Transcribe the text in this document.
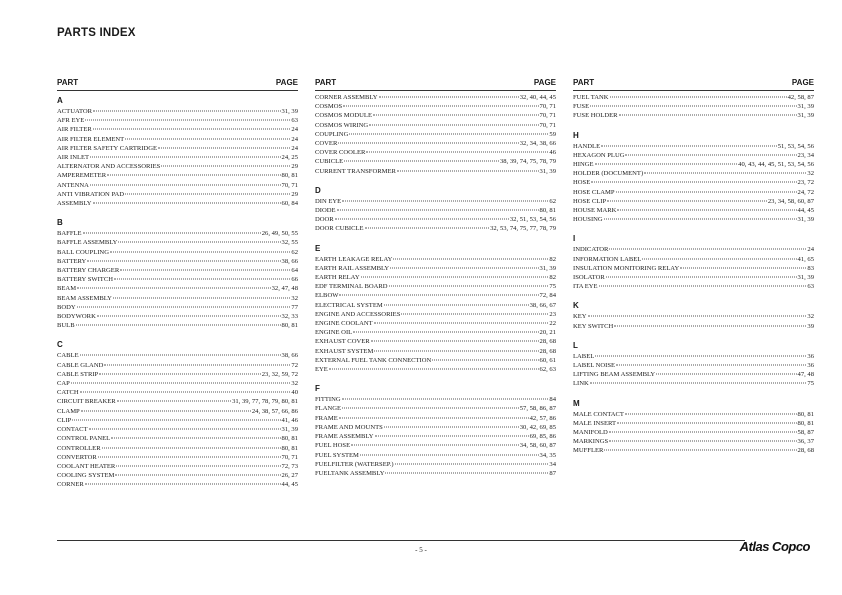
PARTS INDEX
PART	PAGE
A
ACTUATOR	31, 39
AFR EYE	63
AIR FILTER	24
AIR FILTER ELEMENT	24
AIR FILTER SAFETY CARTRIDGE	24
AIR INLET	24, 25
ALTERNATOR AND ACCESSORIES	29
AMPEREMETER	80, 81
ANTENNA	70, 71
ANTI VIBRATION PAD	29
ASSEMBLY	60, 84
B
BAFFLE	26, 49, 50, 55
BAFFLE ASSEMBLY	32, 55
BALL COUPLING	62
BATTERY	38, 66
BATTERY CHARGER	64
BATTERY SWITCH	66
BEAM	32, 47, 48
BEAM ASSEMBLY	32
BODY	77
BODYWORK	32, 33
BULB	80, 81
C
CABLE	38, 66
CABLE GLAND	72
CABLE STRIP	23, 32, 59, 72
CAP	32
CATCH	40
CIRCUIT BREAKER	31, 39, 77, 78, 79, 80, 81
CLAMP	24, 38, 57, 66, 86
CLIP	41, 46
CONTACT	31, 39
CONTROL PANEL	80, 81
CONTROLLER	80, 81
CONVERTOR	70, 71
COOLANT HEATER	72, 73
COOLING SYSTEM	26, 27
CORNER	44, 45
PART	PAGE
CORNER ASSEMBLY	32, 40, 44, 45
COSMOS	70, 71
COSMOS MODULE	70, 71
COSMOS WIRING	70, 71
COUPLING	59
COVER	32, 34, 38, 66
COVER COOLER	46
CUBICLE	38, 39, 74, 75, 78, 79
CURRENT TRANSFORMER	31, 39
D
DIN EYE	62
DIODE	80, 81
DOOR	32, 51, 53, 54, 56
DOOR CUBICLE	32, 53, 74, 75, 77, 78, 79
E
EARTH LEAKAGE RELAY	82
EARTH RAIL ASSEMBLY	31, 39
EARTH RELAY	82
EDF TERMINAL BOARD	75
ELBOW	72, 84
ELECTRICAL SYSTEM	38, 66, 67
ENGINE AND ACCESSORIES	23
ENGINE COOLANT	22
ENGINE OIL	20, 21
EXHAUST COVER	28, 68
EXHAUST SYSTEM	28, 68
EXTERNAL FUEL TANK CONNECTION	60, 61
EYE	62, 63
F
FITTING	84
FLANGE	57, 58, 86, 87
FRAME	42, 57, 86
FRAME AND MOUNTS	30, 42, 69, 85
FRAME ASSEMBLY	69, 85, 86
FUEL HOSE	34, 58, 60, 87
FUEL SYSTEM	34, 35
FUELFILTER (WATERSEP.)	34
FUELTANK ASSEMBLY	87
PART	PAGE
FUEL TANK	42, 58, 87
FUSE	31, 39
FUSE HOLDER	31, 39
H
HANDLE	51, 53, 54, 56
HEXAGON PLUG	23, 34
HINGE	40, 43, 44, 45, 51, 53, 54, 56
HOLDER (DOCUMENT)	32
HOSE	23, 72
HOSE CLAMP	24, 72
HOSE CLIP	23, 34, 58, 60, 87
HOUSE MARK	44, 45
HOUSING	31, 39
I
INDICATOR	24
INFORMATION LABEL	41, 65
INSULATION MONITORING RELAY	83
ISOLATOR	31, 39
ITA EYE	63
K
KEY	32
KEY SWITCH	39
L
LABEL	36
LABEL NOISE	36
LIFTING BEAM ASSEMBLY	47, 48
LINK	75
M
MALE CONTACT	80, 81
MALE INSERT	80, 81
MANIFOLD	58, 87
MARKINGS	36, 37
MUFFLER	28, 68
- 5 -	Atlas Copco
